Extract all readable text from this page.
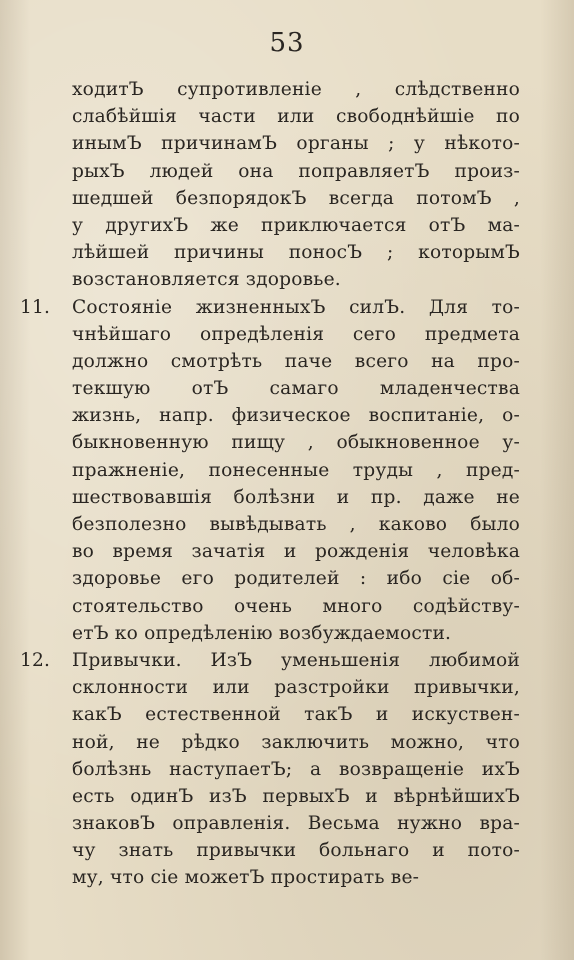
53
ходитЪ супротивленіе , слѣдственно
слабѣйшія части или свободнѣйшіе по
инымЪ причинамЪ органы ; у нѣкото-
рыхЪ людей она поправляетЪ произ-
шедшей безпорядокЪ всегда потомЪ ,
у другихЪ же приключается отЪ ма-
лѣйшей причины поносЪ ; которымЪ
возстановляется здоровье.
11.	Состояніе жизненныхЪ силЪ. Для то-
чнѣйшаго опредѣленія сего предмета
должно смотрѣть паче всего на про-
текшую отЪ самаго младенчества
жизнь, напр. физическое воспитаніе, о-
быкновенную пищу , обыкновенное у-
пражненіе, понесенные труды , пред-
шествовавшія болѣзни и пр. даже не
безполезно вывѣдывать , каково было
во время зачатія и рожденія человѣка
здоровье его родителей : ибо сіе об-
стоятельство очень много содѣйству-
етЪ ко опредѣленію возбуждаемости.
12.	Привычки. ИзЪ уменьшенія любимой
склонности или разстройки привычки,
какЪ естественной такЪ и искуствен-
ной, не рѣдко заключить можно, что
болѣзнь наступаетЪ; а возвращеніе ихЪ
есть одинЪ изЪ первыхЪ и вѣрнѣйшихЪ
знаковЪ оправленія. Весьма нужно вра-
чу знать привычки больнаго и пото-
му, что сіе можетЪ простирать ве-
